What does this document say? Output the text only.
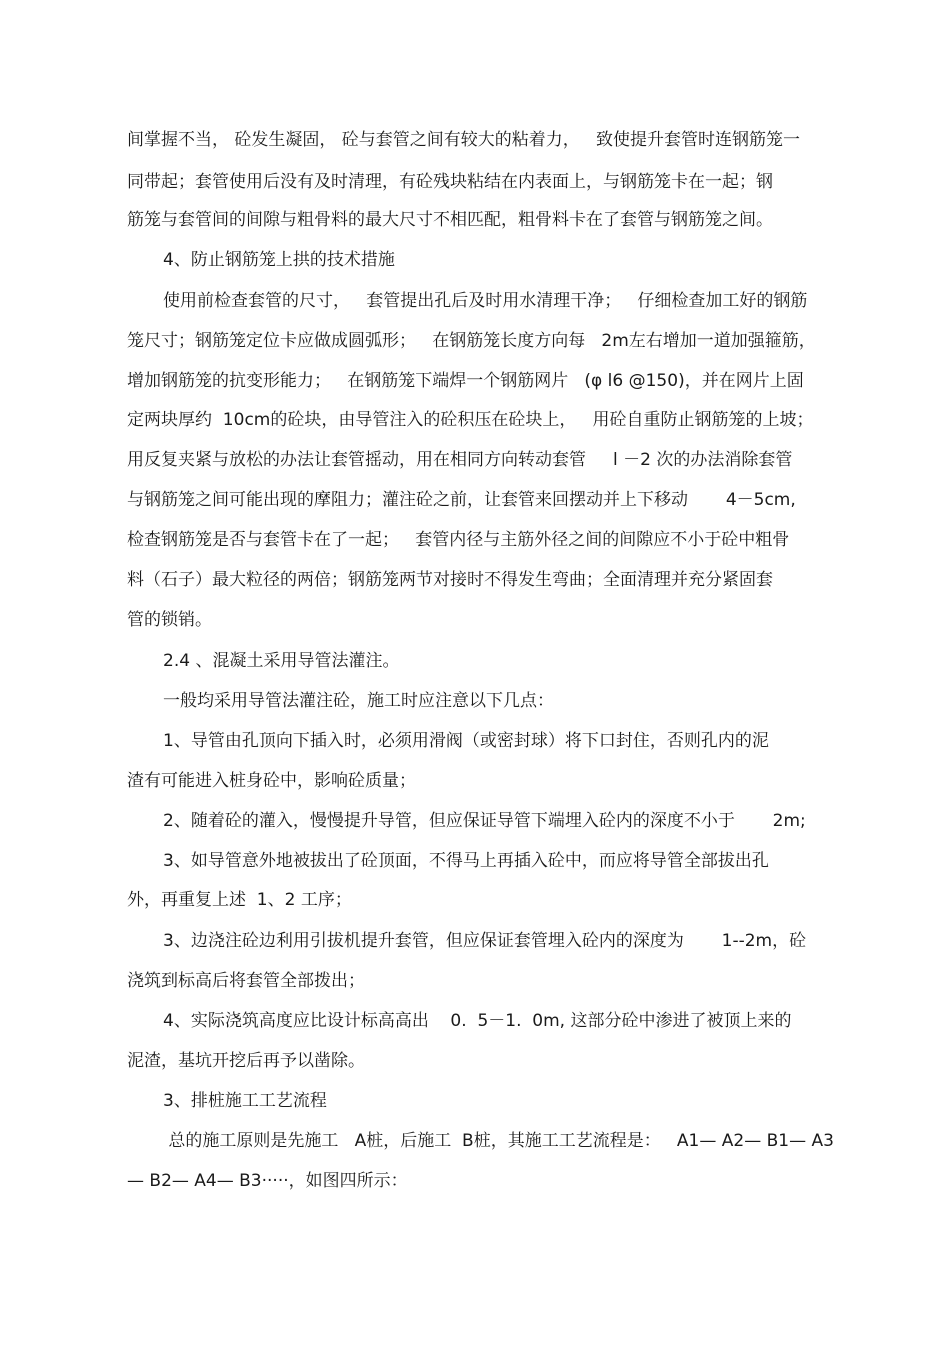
间掌握不当， 砼发生凝固， 砼与套管之间有较大的粘着力，   致使提升套管时连钢筋笼一

同带起；套管使用后没有及时清理，有砼残块粘结在内表面上，与钢筋笼卡在一起；钢

筋笼与套管间的间隙与粗骨料的最大尺寸不相匹配，粗骨料卡在了套管与钢筋笼之间。

4、防止钢筋笼上拱的技术措施

使用前检查套管的尺寸，   套管提出孔后及时用水清理干净；   仔细检查加工好的钢筋

笼尺寸；钢筋笼定位卡应做成圆弧形；   在钢筋笼长度方向每   2m左右增加一道加强箍筋，

增加钢筋笼的抗变形能力；   在钢筋笼下端焊一个钢筋网片   (φ l6 @150)，并在网片上固

定两块厚约  10cm的砼块，由导管注入的砼积压在砼块上，   用砼自重防止钢筋笼的上坡；

用反复夹紧与放松的办法让套管摇动，用在相同方向转动套管     l －2 次的办法消除套管

与钢筋笼之间可能出现的摩阻力；灌注砼之前，让套管来回摆动并上下移动       4－5cm,

检查钢筋笼是否与套管卡在了一起；   套管内径与主筋外径之间的间隙应不小于砼中粗骨

料（石子）最大粒径的两倍；钢筋笼两节对接时不得发生弯曲；全面清理并充分紧固套

管的锁销。

2.4 、混凝土采用导管法灌注。

一般均采用导管法灌注砼，施工时应注意以下几点：

1、导管由孔顶向下插入时，必须用滑阀（或密封球）将下口封住，否则孔内的泥

渣有可能进入桩身砼中，影响砼质量；

2、随着砼的灌入，慢慢提升导管，但应保证导管下端埋入砼内的深度不小于       2m;

3、如导管意外地被拔出了砼顶面，不得马上再插入砼中，而应将导管全部拔出孔

外，再重复上述  1、2 工序；

3、边浇注砼边利用引拔机提升套管，但应保证套管埋入砼内的深度为       1--2m，砼

浇筑到标高后将套管全部拨出；

4、实际浇筑高度应比设计标高高出    0.  5－1.  0m, 这部分砼中渗进了被顶上来的

泥渣，基坑开挖后再予以凿除。

3、排桩施工工艺流程

总的施工原则是先施工   A桩，后施工  B桩，其施工工艺流程是：   A1— A2— B1— A3

— B2— A4— B3·····，如图四所示：
